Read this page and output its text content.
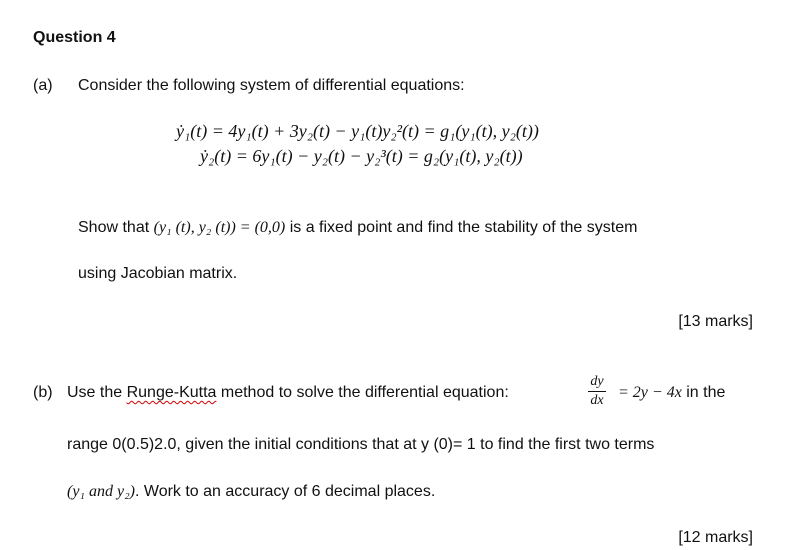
Question 4
(a) Consider the following system of differential equations:
ẏ₁(t) = 4y₁(t) + 3y₂(t) − y₁(t)y₂²(t) = g₁(y₁(t), y₂(t))
ẏ₂(t) = 6y₁(t) − y₂(t) − y₂³(t) = g₂(y₁(t), y₂(t))
Show that (y₁ (t), y₂ (t)) = (0,0) is a fixed point and find the stability of the system
using Jacobian matrix.
[13 marks]
(b) Use the Runge-Kutta method to solve the differential equation:
dy
dx = 2y − 4x in the
range 0(0.5)2.0, given the initial conditions that at y (0)= 1 to find the first two terms
(y₁ and y₂). Work to an accuracy of 6 decimal places.
[12 marks]
